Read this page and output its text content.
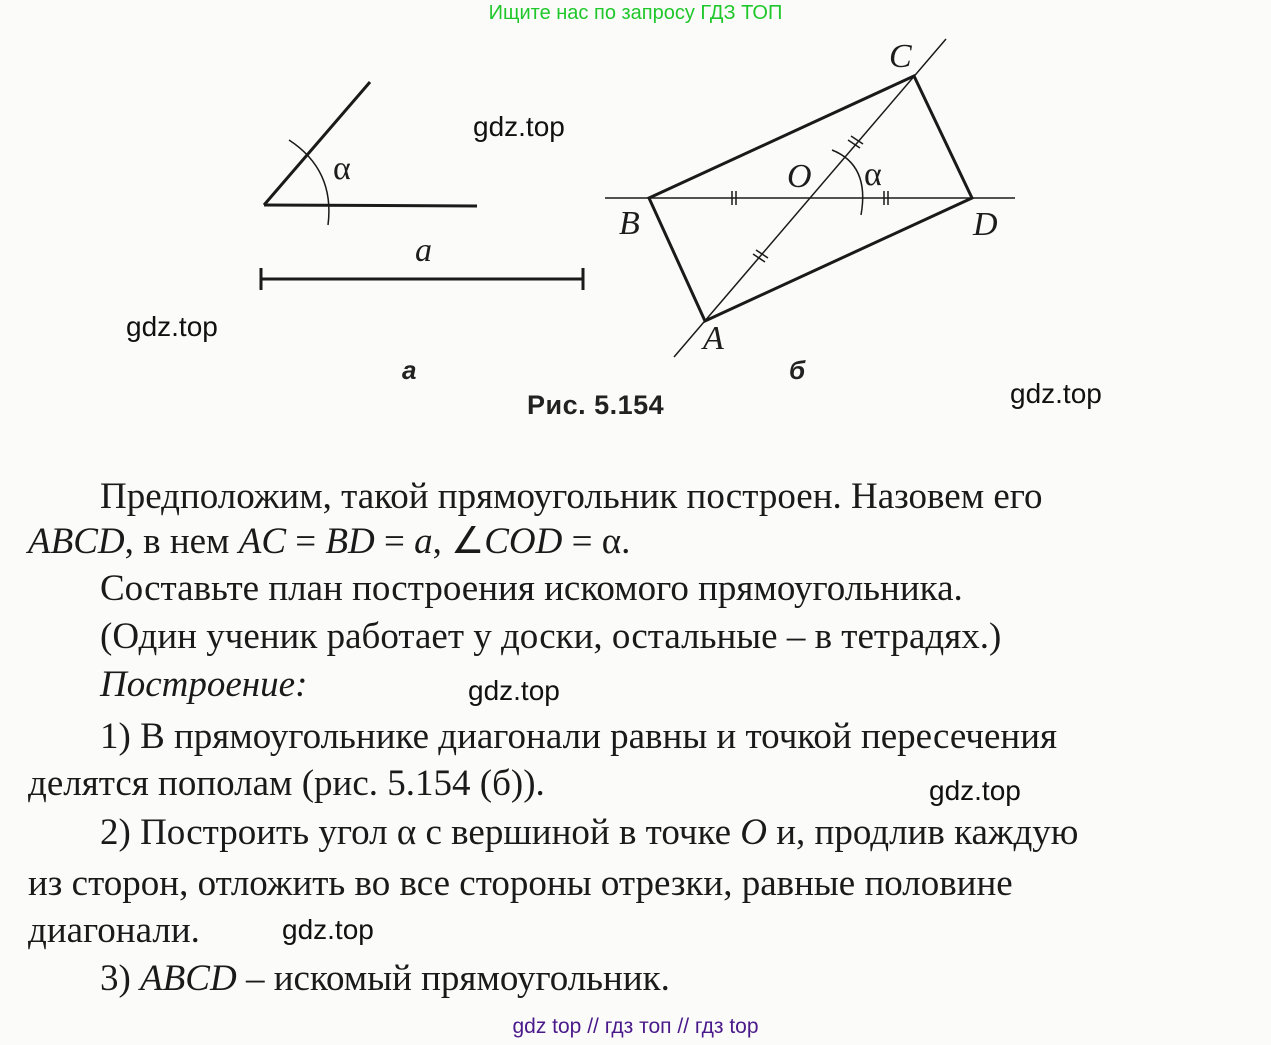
Ищите нас по запросу ГДЗ ТОП
α
a
a
C
B	D
A
O α
б
Рис. 5.154
gdz.top
gdz.top
gdz.top
gdz.top
gdz.top
gdz.top
Предположим, такой прямоугольник построен. Назовем его
ABCD, в нем AC = BD = a, ∠COD = α.
Составьте план построения искомого прямоугольника.
(Один ученик работает у доски, остальные – в тетрадях.)
Построение:
1) В прямоугольнике диагонали равны и точкой пересечения
делятся пополам (рис. 5.154 (б)).
2) Построить угол α с вершиной в точке O и, продлив каждую
из сторон, отложить во все стороны отрезки, равные половине
диагонали.
3) ABCD – искомый прямоугольник.
gdz top // гдз топ // гдз top
